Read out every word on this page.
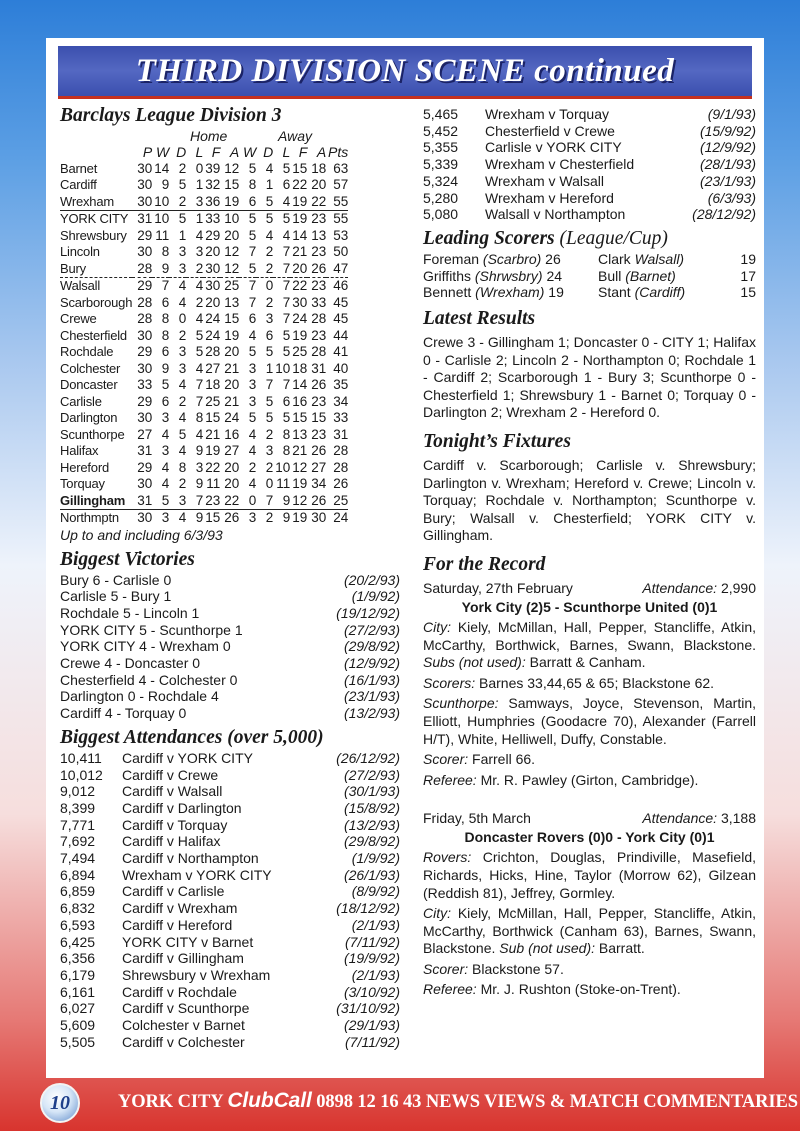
THIRD DIVISION SCENE continued
Barclays League Division 3
Home	Away
	P	W	D	L	F	A	W	D	L	F	A	Pts
Barnet	30	14	2	0	39	12	5	4	5	15	18	63
Cardiff	30	9	5	1	32	15	8	1	6	22	20	57
Wrexham	30	10	2	3	36	19	6	5	4	19	22	55
YORK CITY	31	10	5	1	33	10	5	5	5	19	23	55
Shrewsbury	29	11	1	4	29	20	5	4	4	14	13	53
Lincoln	30	8	3	3	20	12	7	2	7	21	23	50
Bury	28	9	3	2	30	12	5	2	7	20	26	47
Walsall	29	7	4	4	30	25	7	0	7	22	23	46
Scarborough	28	6	4	2	20	13	7	2	7	30	33	45
Crewe	28	8	0	4	24	15	6	3	7	24	28	45
Chesterfield	30	8	2	5	24	19	4	6	5	19	23	44
Rochdale	29	6	3	5	28	20	5	5	5	25	28	41
Colchester	30	9	3	4	27	21	3	1	10	18	31	40
Doncaster	33	5	4	7	18	20	3	7	7	14	26	35
Carlisle	29	6	2	7	25	21	3	5	6	16	23	34
Darlington	30	3	4	8	15	24	5	5	5	15	15	33
Scunthorpe	27	4	5	4	21	16	4	2	8	13	23	31
Halifax	31	3	4	9	19	27	4	3	8	21	26	28
Hereford	29	4	8	3	22	20	2	2	10	12	27	28
Torquay	30	4	2	9	11	20	4	0	11	19	34	26
Gillingham	31	5	3	7	23	22	0	7	9	12	26	25
Northmptn	30	3	4	9	15	26	3	2	9	19	30	24
Up to and including 6/3/93
Biggest Victories
Bury 6 - Carlisle 0	(20/2/93)
Carlisle 5 - Bury 1	(1/9/92)
Rochdale 5 - Lincoln 1	(19/12/92)
YORK CITY 5 - Scunthorpe 1	(27/2/93)
YORK CITY 4 - Wrexham 0	(29/8/92)
Crewe 4 - Doncaster 0	(12/9/92)
Chesterfield 4 - Colchester 0	(16/1/93)
Darlington 0 - Rochdale 4	(23/1/93)
Cardiff 4 - Torquay 0	(13/2/93)
Biggest Attendances (over 5,000)
10,411	Cardiff v YORK CITY	(26/12/92)
10,012	Cardiff v Crewe	(27/2/93)
9,012	Cardiff v Walsall	(30/1/93)
8,399	Cardiff v Darlington	(15/8/92)
7,771	Cardiff v Torquay	(13/2/93)
7,692	Cardiff v Halifax	(29/8/92)
7,494	Cardiff v Northampton	(1/9/92)
6,894	Wrexham v YORK CITY	(26/1/93)
6,859	Cardiff v Carlisle	(8/9/92)
6,832	Cardiff v Wrexham	(18/12/92)
6,593	Cardiff v Hereford	(2/1/93)
6,425	YORK CITY v Barnet	(7/11/92)
6,356	Cardiff v Gillingham	(19/9/92)
6,179	Shrewsbury v Wrexham	(2/1/93)
6,161	Cardiff v Rochdale	(3/10/92)
6,027	Cardiff v Scunthorpe	(31/10/92)
5,609	Colchester v Barnet	(29/1/93)
5,505	Cardiff v Colchester	(7/11/92)
5,465	Wrexham v Torquay	(9/1/93)
5,452	Chesterfield v Crewe	(15/9/92)
5,355	Carlisle v YORK CITY	(12/9/92)
5,339	Wrexham v Chesterfield	(28/1/93)
5,324	Wrexham v Walsall	(23/1/93)
5,280	Wrexham v Hereford	(6/3/93)
5,080	Walsall v Northampton	(28/12/92)
Leading Scorers (League/Cup)
Foreman (Scarbro) 26	Clark Walsall)	19
Griffiths (Shrwsbry) 24	Bull (Barnet)	17
Bennett (Wrexham) 19	Stant (Cardiff)	15
Latest Results

Crewe 3 - Gillingham 1; Doncaster 0 - CITY 1; Halifax 0 - Carlisle 2; Lincoln 2 - Northampton 0; Rochdale 1 - Cardiff 2; Scarborough 1 - Bury 3; Scunthorpe 0 - Chesterfield 1; Shrewsbury 1 - Barnet 0; Torquay 0 - Darlington 2; Wrexham 2 - Hereford 0.

Tonight’s Fixtures

Cardiff v. Scarborough; Carlisle v. Shrewsbury; Darlington v. Wrexham; Hereford v. Crewe; Lincoln v. Torquay; Rochdale v. Northampton; Scunthorpe v. Bury; Walsall v. Chesterfield; YORK CITY v. Gillingham.

For the Record
Saturday, 27th February	Attendance: 2,990
York City (2)5 - Scunthorpe United (0)1

City: Kiely, McMillan, Hall, Pepper, Stancliffe, Atkin, McCarthy, Borthwick, Barnes, Swann, Blackstone. Subs (not used): Barratt & Canham.

Scorers: Barnes 33,44,65 & 65; Blackstone 62.

Scunthorpe: Samways, Joyce, Stevenson, Martin, Elliott, Humphries (Goodacre 70), Alexander (Farrell H/T), White, Helliwell, Duffy, Constable.

Scorer: Farrell 66.

Referee: Mr. R. Pawley (Girton, Cambridge).

Friday, 5th March	Attendance: 3,188
Doncaster Rovers (0)0 - York City (0)1

Rovers: Crichton, Douglas, Prindiville, Masefield, Richards, Hicks, Hine, Taylor (Morrow 62), Gilzean (Reddish 81), Jeffrey, Gormley.

City: Kiely, McMillan, Hall, Pepper, Stancliffe, Atkin, McCarthy, Borthwick (Canham 63), Barnes, Swann, Blackstone. Sub (not used): Barratt.

Scorer: Blackstone 57.

Referee: Mr. J. Rushton (Stoke-on-Trent).

10	YORK CITY ClubCall 0898 12 16 43 NEWS VIEWS & MATCH COMMENTARIES
